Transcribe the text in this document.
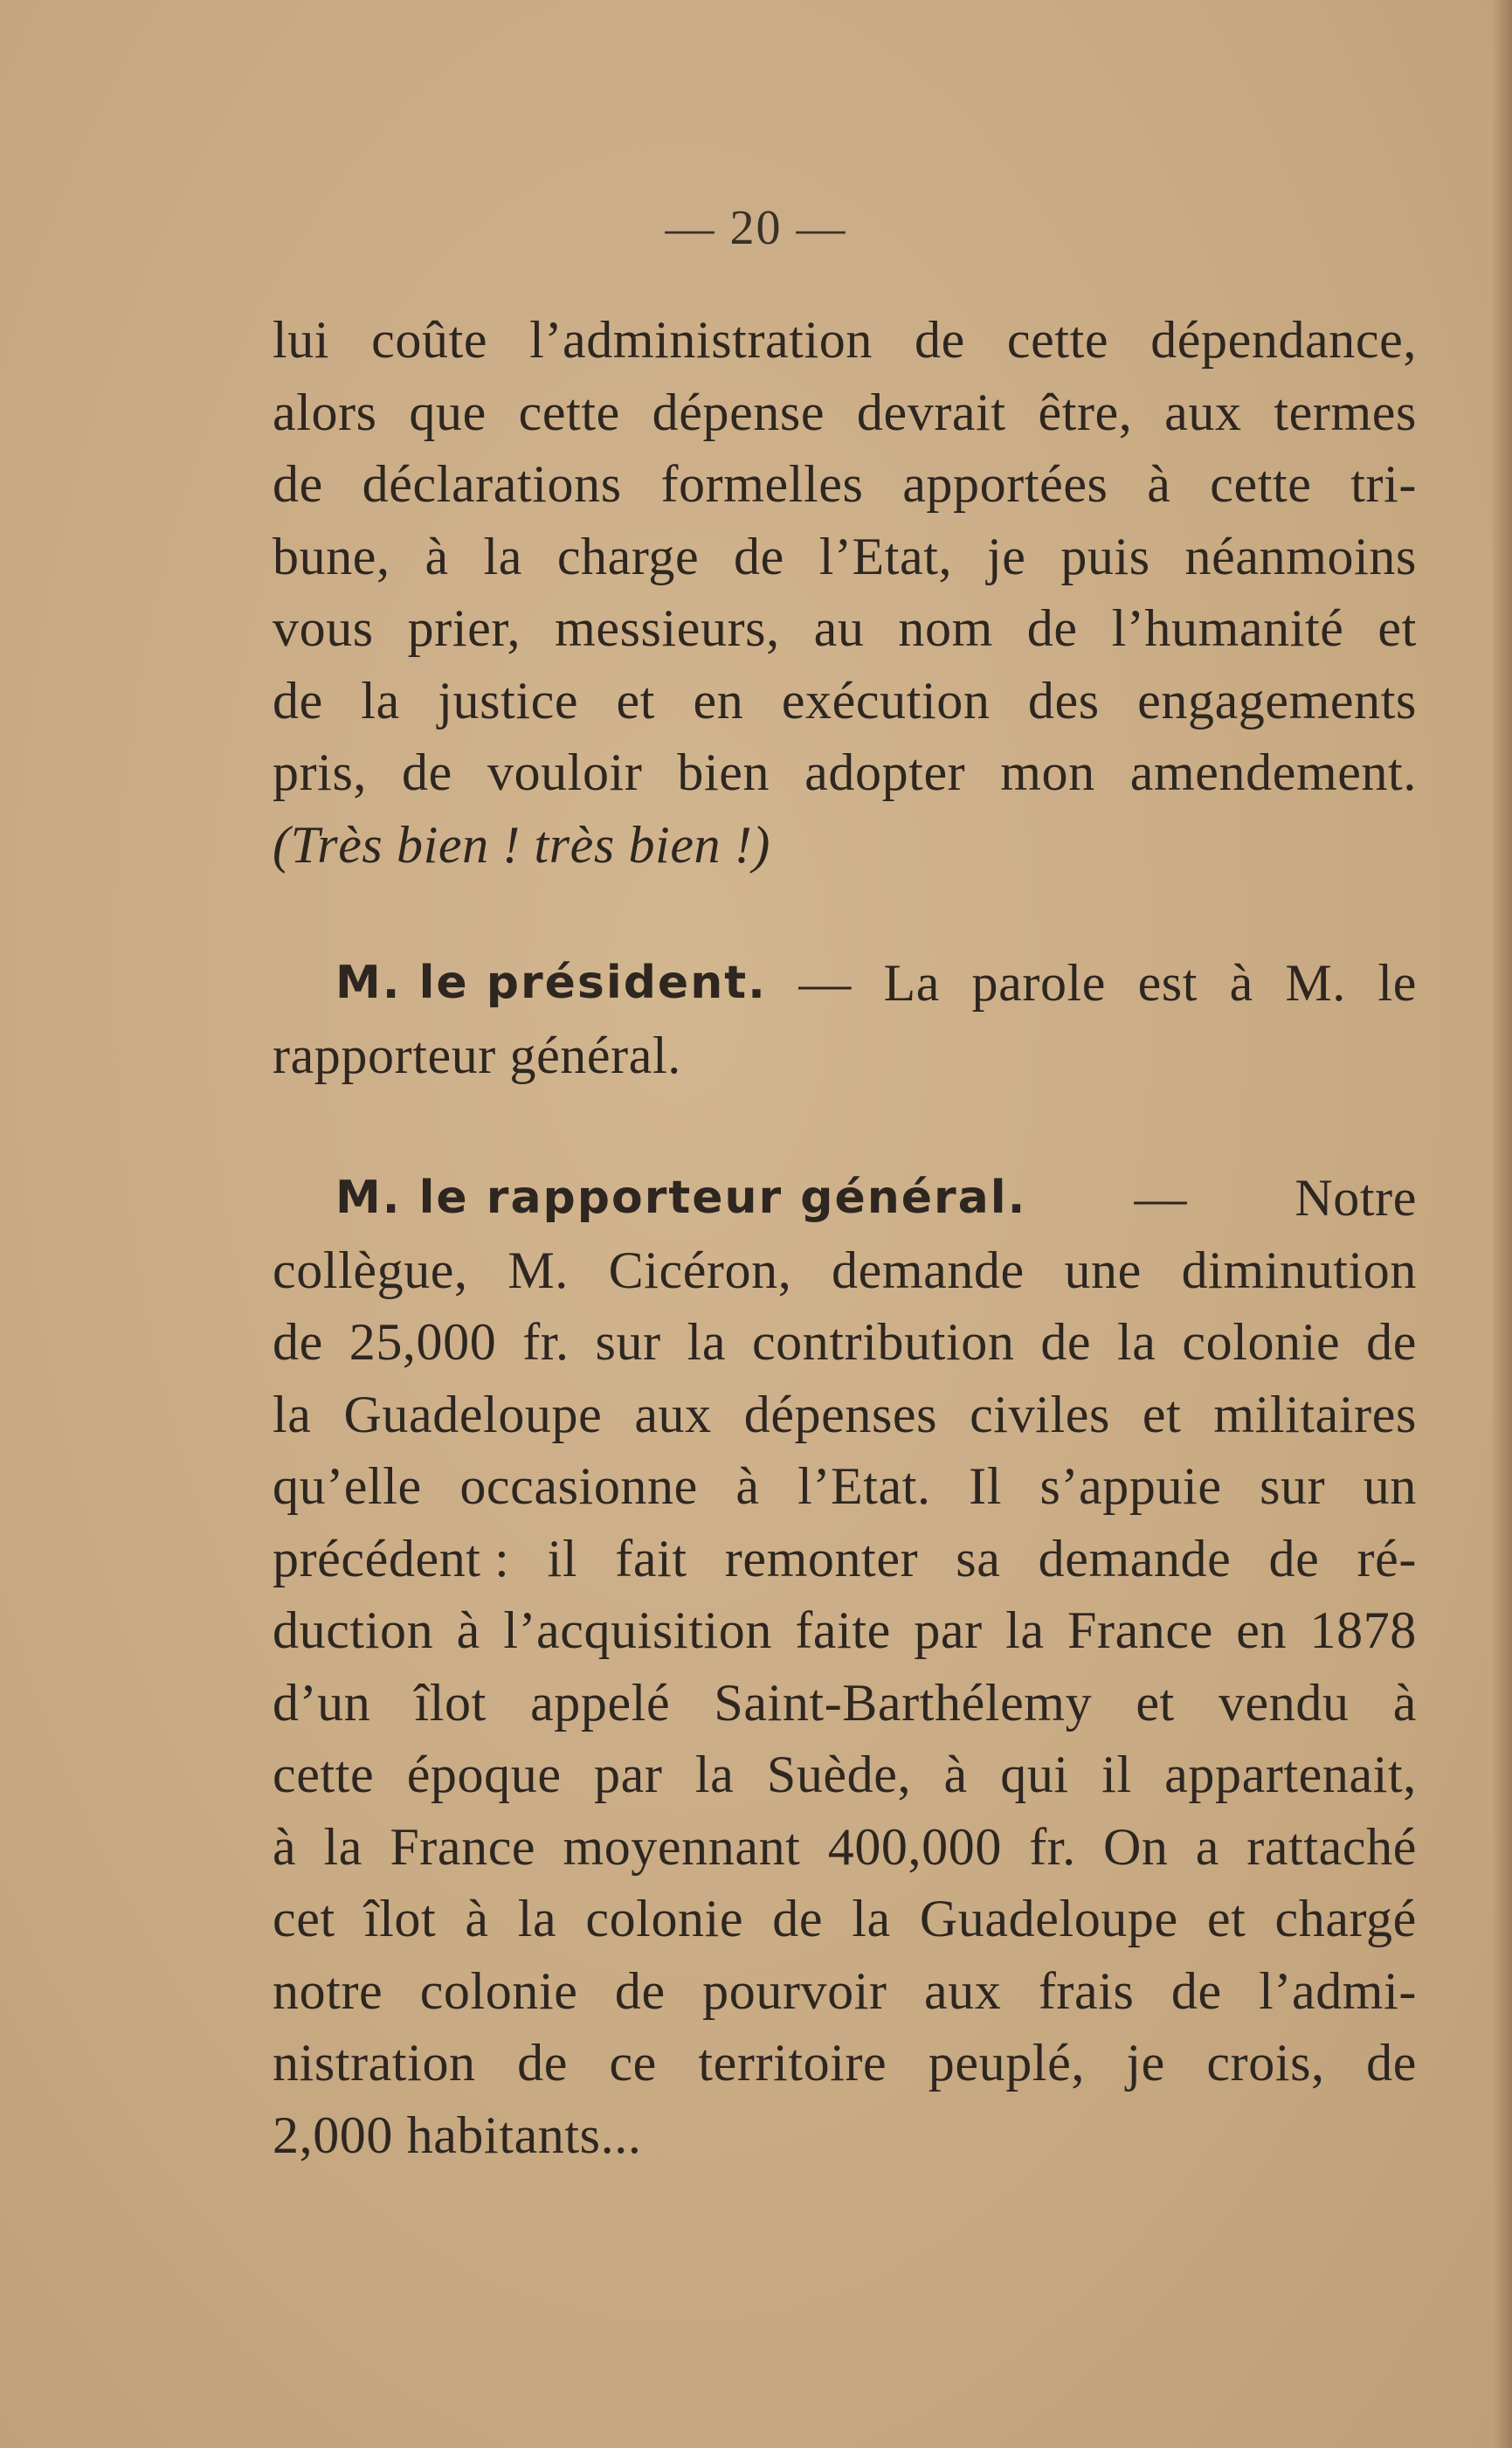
— 20 —
lui coûte l’administration de cette dépendance,
alors que cette dépense devrait être, aux termes
de déclarations formelles apportées à cette tri-
bune, à la charge de l’Etat, je puis néanmoins
vous prier, messieurs, au nom de l’humanité et
de la justice et en exécution des engagements
pris, de vouloir bien adopter mon amendement.
(Très bien ! très bien !)
M. le président. — La parole est à M. le
rapporteur général.
M. le rapporteur général. — Notre
collègue, M. Cicéron, demande une diminution
de 25,000 fr. sur la contribution de la colonie de
la Guadeloupe aux dépenses civiles et militaires
qu’elle occasionne à l’Etat. Il s’appuie sur un
précédent : il fait remonter sa demande de ré-
duction à l’acquisition faite par la France en 1878
d’un îlot appelé Saint-Barthélemy et vendu à
cette époque par la Suède, à qui il appartenait,
à la France moyennant 400,000 fr. On a rattaché
cet îlot à la colonie de la Guadeloupe et chargé
notre colonie de pourvoir aux frais de l’admi-
nistration de ce territoire peuplé, je crois, de
2,000 habitants...
